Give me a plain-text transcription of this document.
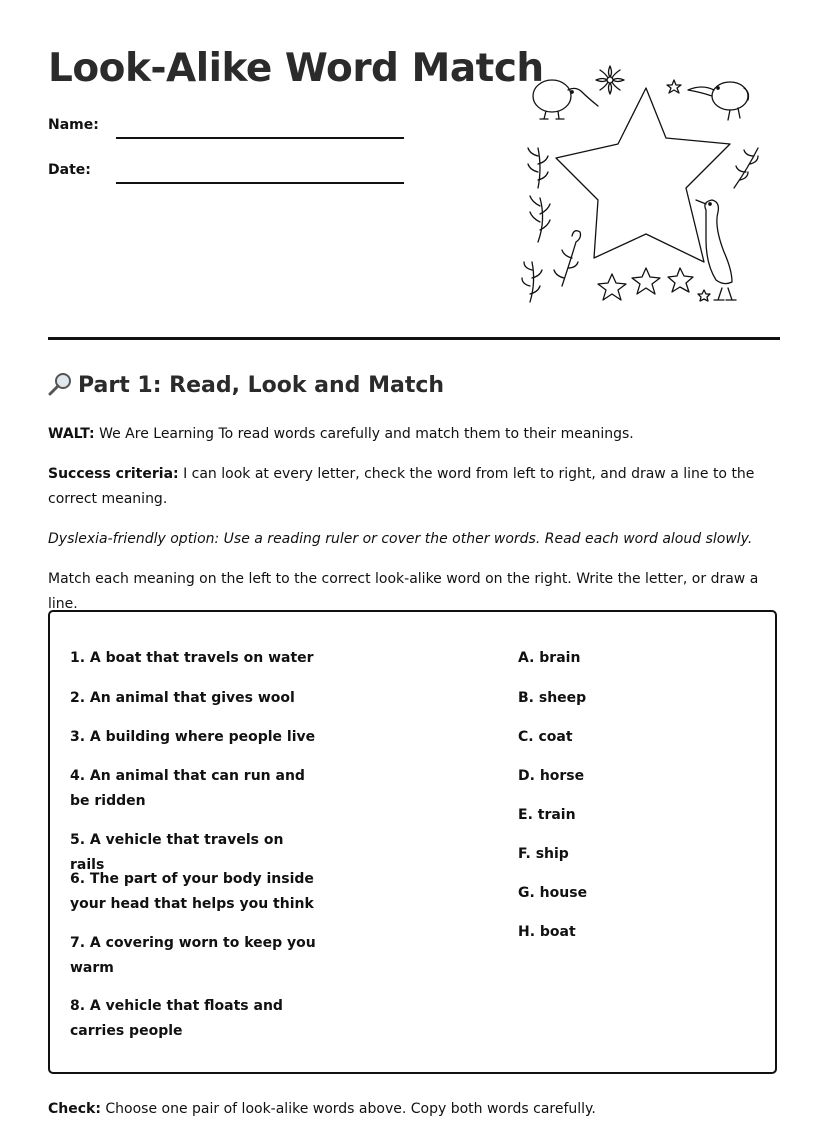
Look-Alike Word Match
Name:
Date:
Part 1: Read, Look and Match

WALT: We Are Learning To read words carefully and match them to their meanings.

Success criteria: I can look at every letter, check the word from left to right, and draw a line to the correct meaning.

Dyslexia-friendly option: Use a reading ruler or cover the other words. Read each word aloud slowly.

Match each meaning on the left to the correct look-alike word on the right. Write the letter, or draw a line.

1. A boat that travels on water
2. An animal that gives wool
3. A building where people live
4. An animal that can run and be ridden
5. A vehicle that travels on rails
6. The part of your body inside your head that helps you think
7. A covering worn to keep you warm
8. A vehicle that floats and carries people
A. brain
B. sheep
C. coat
D. horse
E. train
F. ship
G. house
H. boat

Check: Choose one pair of look-alike words above. Copy both words carefully.
